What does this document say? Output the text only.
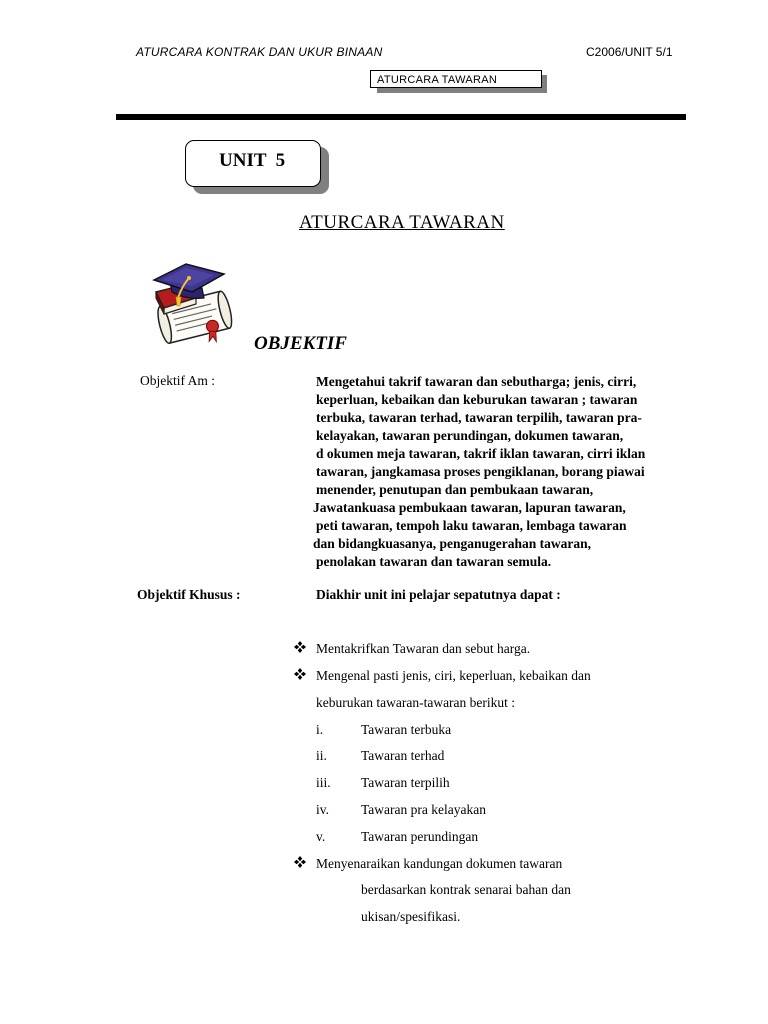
ATURCARA KONTRAK DAN UKUR BINAAN	C2006/UNIT 5/1
ATURCARA TAWARAN
UNIT  5
ATURCARA TAWARAN
OBJEKTIF
Objektif Am :	Mengetahui takrif tawaran dan sebutharga; jenis, cirri,
keperluan, kebaikan dan keburukan tawaran ; tawaran
terbuka, tawaran terhad, tawaran terpilih, tawaran pra-
kelayakan, tawaran perundingan, dokumen tawaran,
d okumen meja tawaran, takrif iklan tawaran, cirri iklan
tawaran, jangkamasa proses pengiklanan, borang piawai
menender, penutupan dan pembukaan tawaran,
Jawatankuasa pembukaan tawaran, lapuran tawaran,
peti tawaran, tempoh laku tawaran, lembaga tawaran
dan bidangkuasanya, penganugerahan tawaran,
penolakan tawaran dan tawaran semula.
Objektif Khusus :	Diakhir unit ini pelajar sepatutnya dapat :
Mentakrifkan Tawaran dan sebut harga.
Mengenal pasti jenis, ciri, keperluan, kebaikan dan
keburukan tawaran-tawaran berikut :
i.	Tawaran terbuka
ii.	Tawaran terhad
iii. Tawaran terpilih
iv. Tawaran pra kelayakan
v.	Tawaran perundingan
Menyenaraikan kandungan dokumen tawaran
berdasarkan kontrak senarai bahan dan
ukisan/spesifikasi.
